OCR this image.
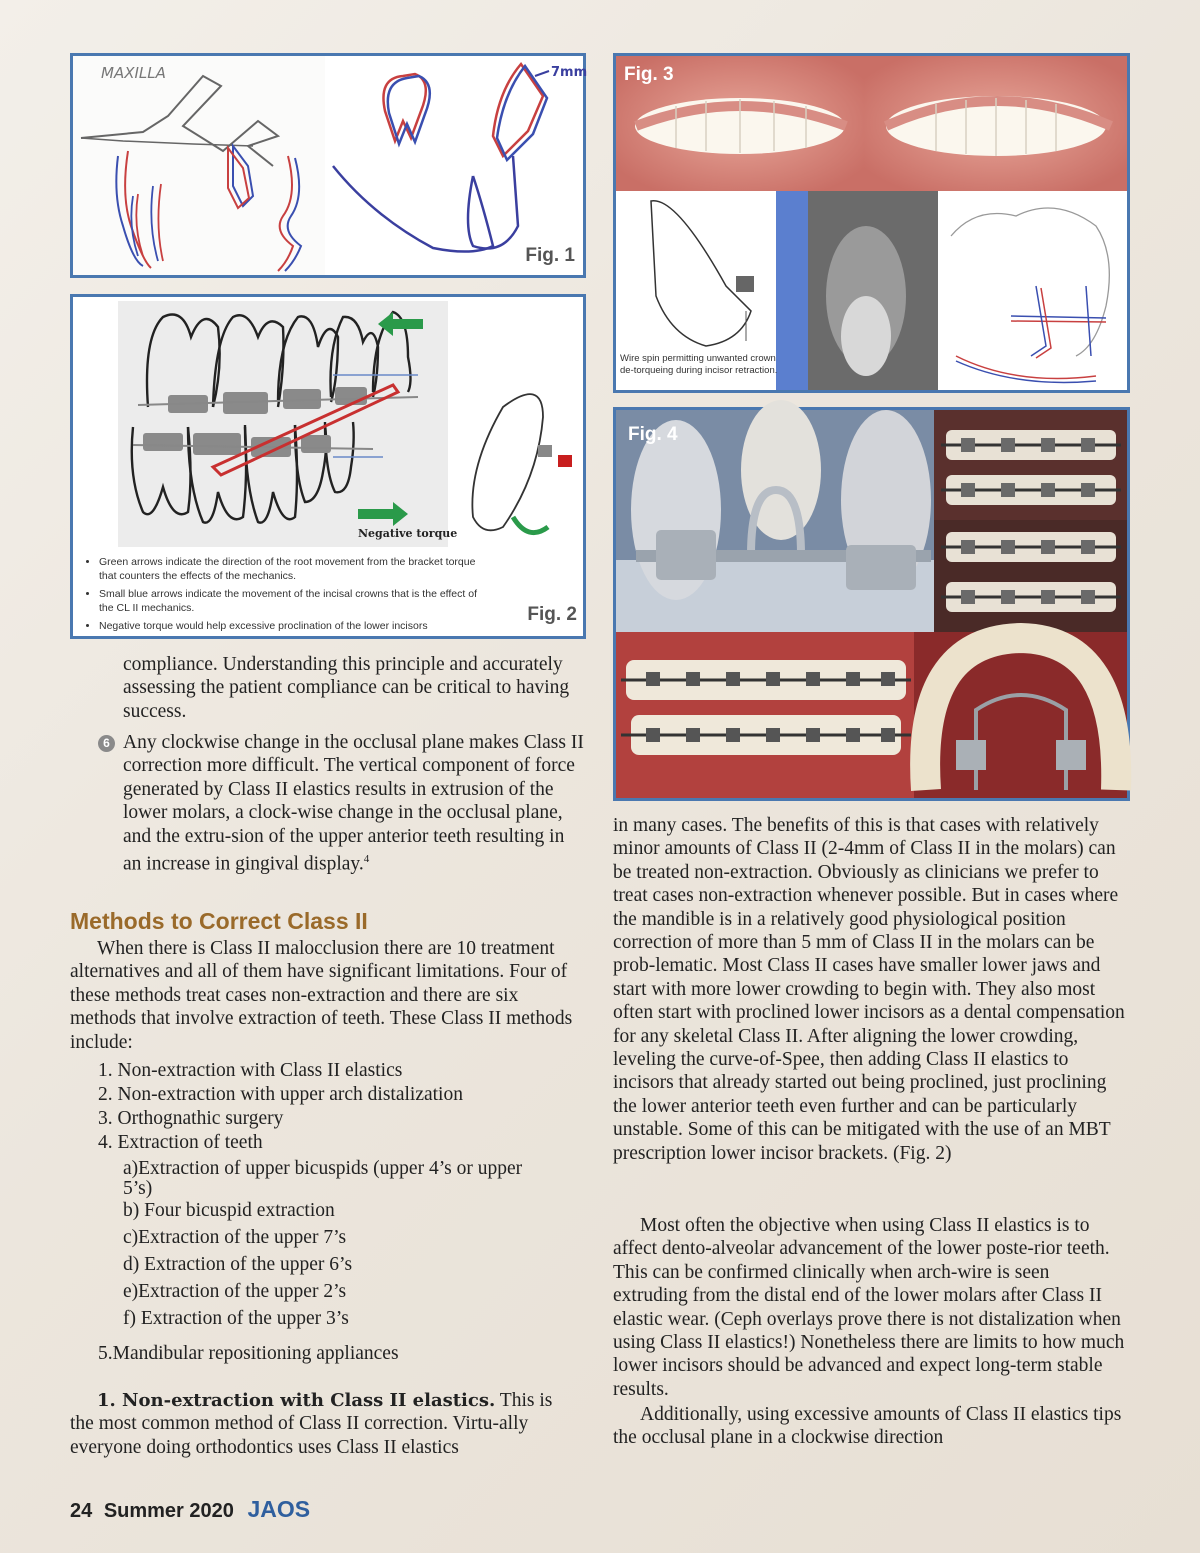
MAXILLA	7mm
Fig. 1
Negative torque
• Green arrows indicate the direction of the root movement from the bracket torque that counters the effects of the mechanics.
• Small blue arrows indicate the movement of the incisal crowns that is the effect of the CL II mechanics.
• Negative torque would help excessive proclination of the lower incisors
Fig. 2
Wire spin permitting unwanted crown de-torqueing during incisor retraction.
Fig. 3
Fig. 4

compliance. Understanding this principle and accurately assessing the patient compliance can be critical to having success.

6 Any clockwise change in the occlusal plane makes Class II correction more difficult. The vertical component of force generated by Class II elastics results in extrusion of the lower molars, a clock-wise change in the occlusal plane, and the extru-sion of the upper anterior teeth resulting in an increase in gingival display.$^4$

Methods to Correct Class II

When there is Class II malocclusion there are 10 treatment alternatives and all of them have significant limitations. Four of these methods treat cases non-extraction and there are six methods that involve extraction of teeth. These Class II methods include:

1. Non-extraction with Class II elastics
2. Non-extraction with upper arch distalization
3. Orthognathic surgery
4. Extraction of teeth
a)Extraction of upper bicuspids (upper 4’s or upper 5’s)
b) Four bicuspid extraction
c)Extraction of the upper 7’s
d) Extraction of the upper 6’s
e)Extraction of the upper 2’s
f) Extraction of the upper 3’s
5.Mandibular repositioning appliances

1. Non-extraction with Class II elastics. This is the most common method of Class II correction. Virtu-ally everyone doing orthodontics uses Class II elastics

in many cases. The benefits of this is that cases with relatively minor amounts of Class II (2-4mm of Class II in the molars) can be treated non-extraction. Obviously as clinicians we prefer to treat cases non-extraction whenever possible. But in cases where the mandible is in a relatively good physiological position correction of more than 5 mm of Class II in the molars can be prob-lematic. Most Class II cases have smaller lower jaws and start with more lower crowding to begin with. They also most often start with proclined lower incisors as a dental compensation for any skeletal Class II. After aligning the lower crowding, leveling the curve-of-Spee, then adding Class II elastics to incisors that already started out being proclined, just proclining the lower anterior teeth even further and can be particularly unstable. Some of this can be mitigated with the use of an MBT prescription lower incisor brackets. (Fig. 2)

Most often the objective when using Class II elastics is to affect dento-alveolar advancement of the lower poste-rior teeth. This can be confirmed clinically when arch-wire is seen extruding from the distal end of the lower molars after Class II elastic wear. (Ceph overlays prove there is not distalization when using Class II elastics!) Nonetheless there are limits to how much lower incisors should be advanced and expect long-term stable results.

Additionally, using excessive amounts of Class II elastics tips the occlusal plane in a clockwise direction

24 Summer 2020 JAOS
